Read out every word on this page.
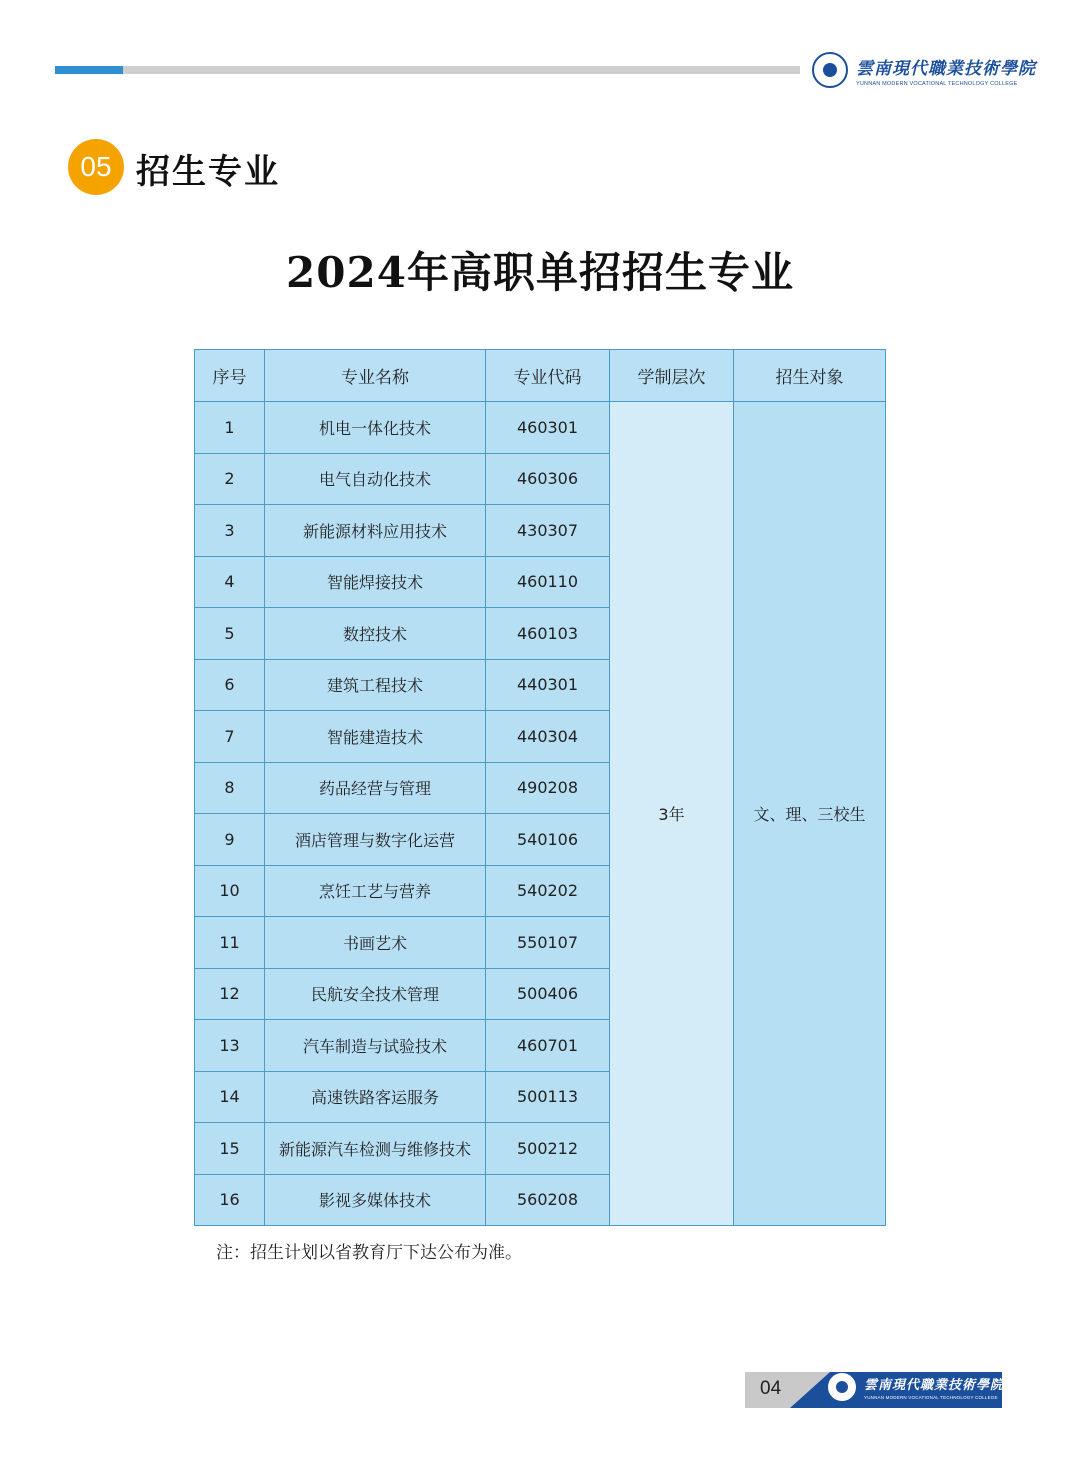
雲南現代職業技術學院
YUNNAN MODERN VOCATIONAL TECHNOLOGY COLLEGE
05 招生专业
2024年高职单招招生专业
序号	专业名称	专业代码	学制层次	招生对象
1	机电一体化技术	460301	3年	文、理、三校生
2	电气自动化技术	460306		
3	新能源材料应用技术	430307		
4	智能焊接技术	460110		
5	数控技术	460103		
6	建筑工程技术	440301		
7	智能建造技术	440304		
8	药品经营与管理	490208		
9	酒店管理与数字化运营	540106		
10	烹饪工艺与营养	540202		
11	书画艺术	550107		
12	民航安全技术管理	500406		
13	汽车制造与试验技术	460701		
14	高速铁路客运服务	500113		
15	新能源汽车检测与维修技术	500212		
16	影视多媒体技术	560208		
注：招生计划以省教育厅下达公布为准。
04	雲南現代職業技術學院
YUNNAN MODERN VOCATIONAL TECHNOLOGY COLLEGE
